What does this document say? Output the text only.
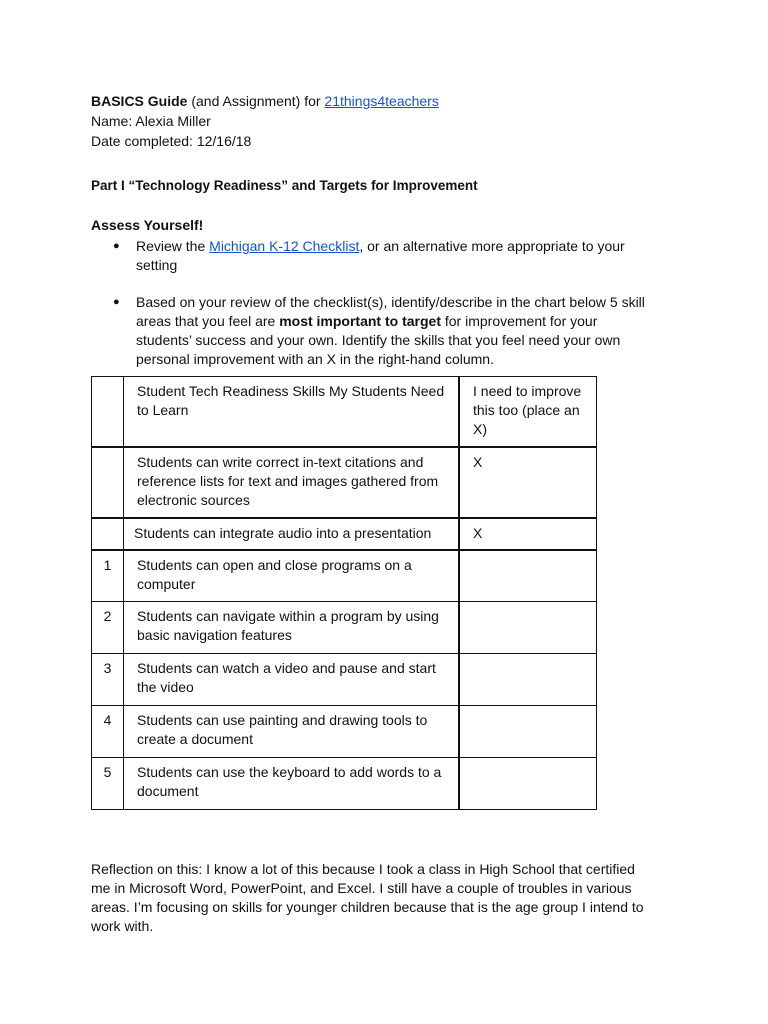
BASICS Guide (and Assignment) for 21things4teachers

Name: Alexia Miller

Date completed: 12/16/18

Part I “Technology Readiness” and Targets for Improvement

Assess Yourself!

● Review the Michigan K-12 Checklist, or an alternative more appropriate to your setting
● Based on your review of the checklist(s), identify/describe in the chart below 5 skill areas that you feel are most important to target for improvement for your students’ success and your own. Identify the skills that you feel need your own personal improvement with an X in the right-hand column.
	Student Tech Readiness Skills My Students Need to Learn	I need to improve this too (place an X)
	Students can write correct in-text citations and reference lists for text and images gathered from electronic sources	X
	Students can integrate audio into a presentation	X
1	Students can open and close programs on a computer	
2	Students can navigate within a program by using basic navigation features	
3	Students can watch a video and pause and start the video	
4	Students can use painting and drawing tools to create a document	
5	Students can use the keyboard to add words to a document	

Reflection on this: I know a lot of this because I took a class in High School that certified me in Microsoft Word, PowerPoint, and Excel. I still have a couple of troubles in various areas. I’m focusing on skills for younger children because that is the age group I intend to work with.
